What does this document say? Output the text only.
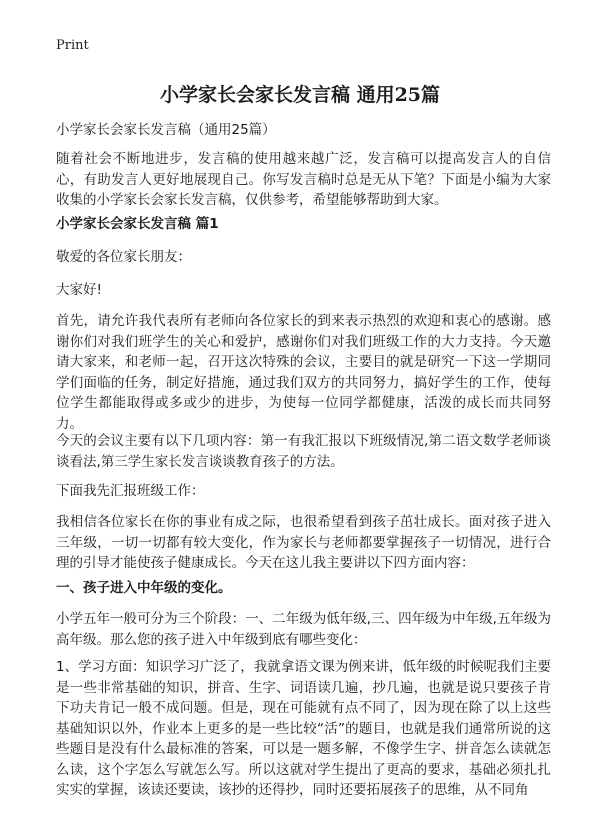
Print
小学家长会家长发言稿 通用25篇

小学家长会家长发言稿（通用25篇）

随着社会不断地进步，发言稿的使用越来越广泛，发言稿可以提高发言人的自信心，有助发言人更好地展现自己。你写发言稿时总是无从下笔？下面是小编为大家收集的小学家长会家长发言稿，仅供参考，希望能够帮助到大家。

小学家长会家长发言稿 篇1

敬爱的各位家长朋友：

大家好!

首先，请允许我代表所有老师向各位家长的到来表示热烈的欢迎和衷心的感谢。感谢你们对我们班学生的关心和爱护，感谢你们对我们班级工作的大力支持。今天邀请大家来，和老师一起，召开这次特殊的会议，主要目的就是研究一下这一学期同学们面临的任务，制定好措施，通过我们双方的共同努力，搞好学生的工作，使每位学生都能取得或多或少的进步，为使每一位同学都健康，活泼的成长而共同努力。

今天的会议主要有以下几项内容：第一有我汇报以下班级情况,第二语文数学老师谈谈看法,第三学生家长发言谈谈教育孩子的方法。

下面我先汇报班级工作：

我相信各位家长在你的事业有成之际，也很希望看到孩子茁壮成长。面对孩子进入三年级，一切一切都有较大变化，作为家长与老师都要掌握孩子一切情况，进行合理的引导才能使孩子健康成长。今天在这儿我主要讲以下四方面内容：

一、孩子进入中年级的变化。

小学五年一般可分为三个阶段：一、二年级为低年级,三、四年级为中年级,五年级为高年级。那么您的孩子进入中年级到底有哪些变化：

1、学习方面：知识学习广泛了，我就拿语文课为例来讲，低年级的时候呢我们主要是一些非常基础的知识，拼音、生字、词语读几遍，抄几遍，也就是说只要孩子肯下功夫肯记一般不成问题。但是，现在可能就有点不同了，因为现在除了以上这些基础知识以外，作业本上更多的是一些比较“活”的题目，也就是我们通常所说的这些题目是没有什么最标准的答案，可以是一题多解，不像学生字、拼音怎么读就怎么读，这个字怎么写就怎么写。所以这就对学生提出了更高的要求，基础必须扎扎实实的掌握，该读还要读，该抄的还得抄，同时还要拓展孩子的思维，从不同角
